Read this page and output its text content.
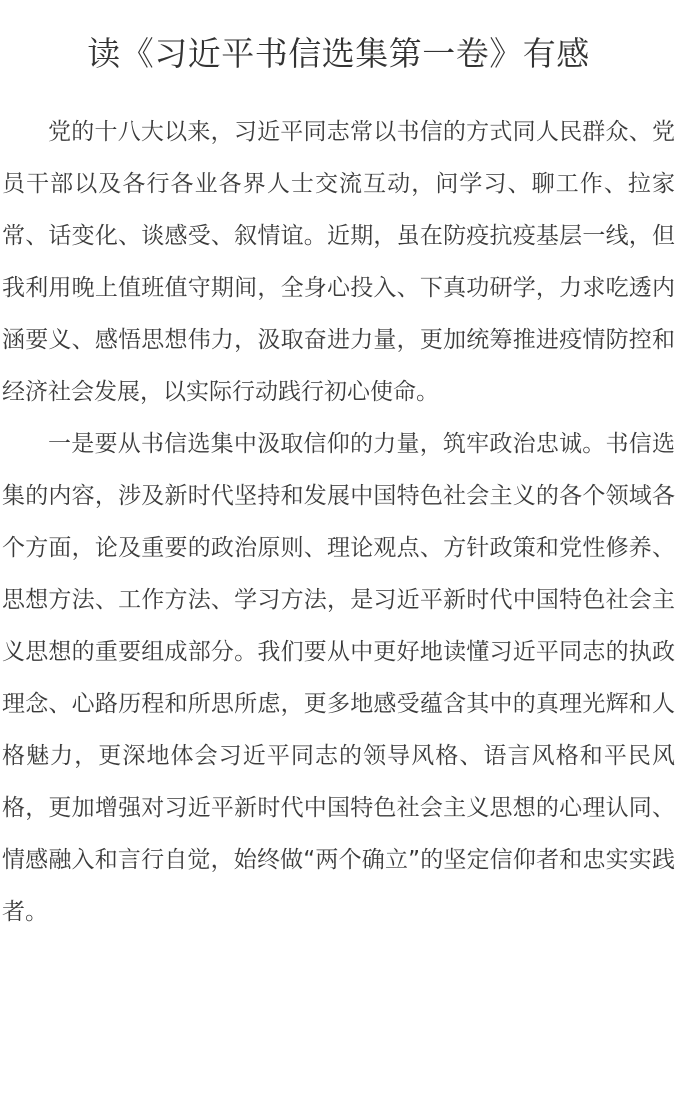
读《习近平书信选集第一卷》有感

党的十八大以来，习近平同志常以书信的方式同人民群众、党员干部以及各行各业各界人士交流互动，问学习、聊工作、拉家常、话变化、谈感受、叙情谊。近期，虽在防疫抗疫基层一线，但我利用晚上值班值守期间，全身心投入、下真功研学，力求吃透内涵要义、感悟思想伟力，汲取奋进力量，更加统筹推进疫情防控和经济社会发展，以实际行动践行初心使命。

一是要从书信选集中汲取信仰的力量，筑牢政治忠诚。书信选集的内容，涉及新时代坚持和发展中国特色社会主义的各个领域各个方面，论及重要的政治原则、理论观点、方针政策和党性修养、思想方法、工作方法、学习方法，是习近平新时代中国特色社会主义思想的重要组成部分。我们要从中更好地读懂习近平同志的执政理念、心路历程和所思所虑，更多地感受蕴含其中的真理光辉和人格魅力，更深地体会习近平同志的领导风格、语言风格和平民风格，更加增强对习近平新时代中国特色社会主义思想的心理认同、情感融入和言行自觉，始终做“两个确立”的坚定信仰者和忠实实践者。
